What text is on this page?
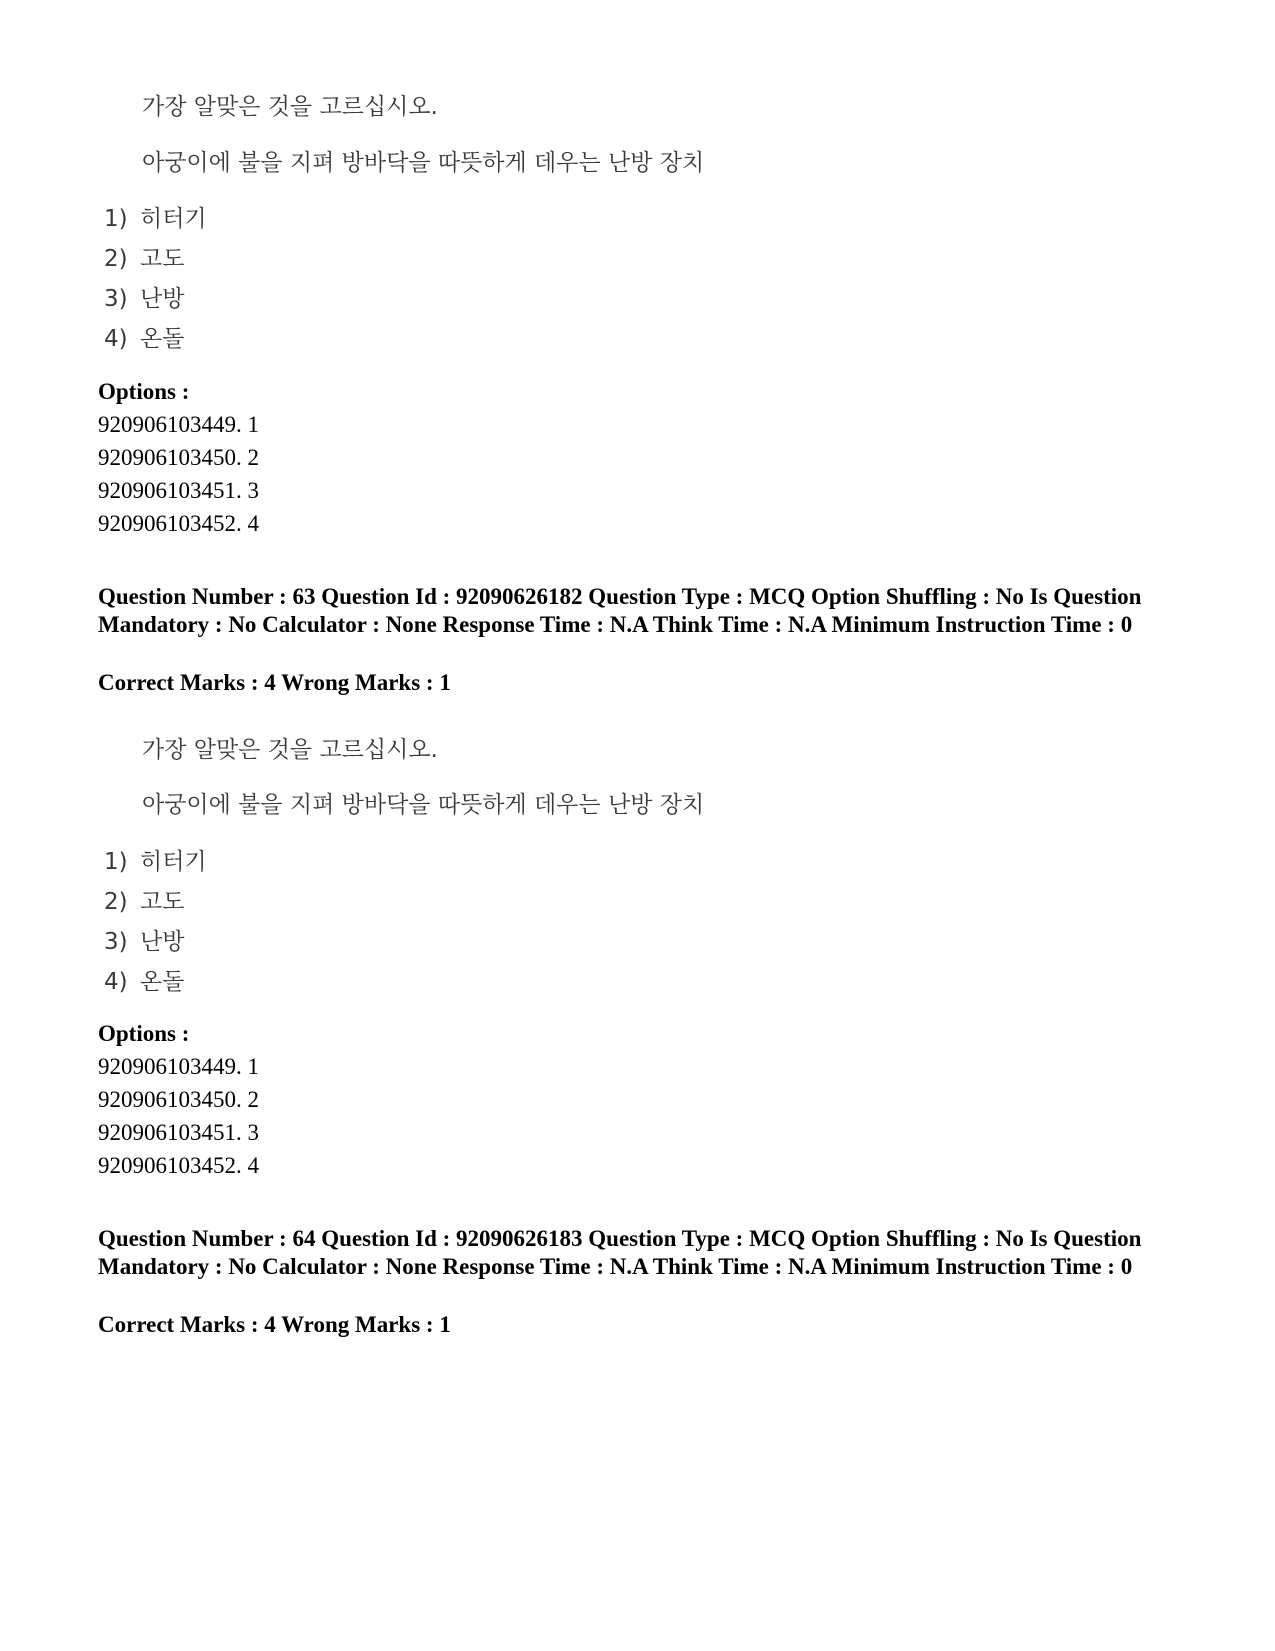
가장 알맞은 것을 고르십시오.
아궁이에 불을 지펴 방바닥을 따뜻하게 데우는 난방 장치
1) 히터기
2) 고도
3) 난방
4) 온돌
Options :
920906103449. 1
920906103450. 2
920906103451. 3
920906103452. 4
Question Number : 63 Question Id : 92090626182 Question Type : MCQ Option Shuffling : No Is Question Mandatory : No Calculator : None Response Time : N.A Think Time : N.A Minimum Instruction Time : 0
Correct Marks : 4 Wrong Marks : 1
가장 알맞은 것을 고르십시오.
아궁이에 불을 지펴 방바닥을 따뜻하게 데우는 난방 장치
1) 히터기
2) 고도
3) 난방
4) 온돌
Options :
920906103449. 1
920906103450. 2
920906103451. 3
920906103452. 4
Question Number : 64 Question Id : 92090626183 Question Type : MCQ Option Shuffling : No Is Question Mandatory : No Calculator : None Response Time : N.A Think Time : N.A Minimum Instruction Time : 0
Correct Marks : 4 Wrong Marks : 1
